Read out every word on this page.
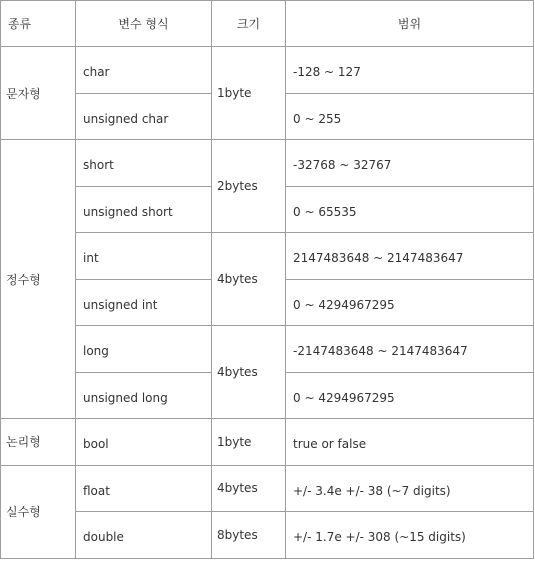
종류	변수 형식	크기	범위
문자형	char	1byte	-128 ~ 127
	unsigned char		0 ~ 255
정수형	short	2bytes	-32768 ~ 32767
	unsigned short		0 ~ 65535
	int	4bytes	2147483648 ~ 2147483647
	unsigned int		0 ~ 4294967295
	long	4bytes	-2147483648 ~ 2147483647
	unsigned long		0 ~ 4294967295
논리형	bool	1byte	true or false
실수형	float	4bytes	+/- 3.4e +/- 38 (~7 digits)
	double	8bytes	+/- 1.7e +/- 308 (~15 digits)
